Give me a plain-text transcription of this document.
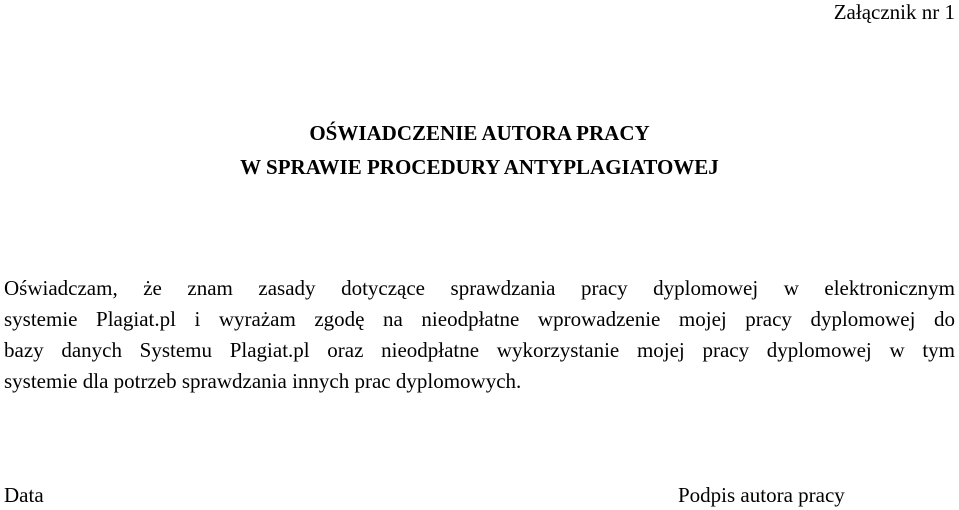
Załącznik nr 1
OŚWIADCZENIE AUTORA PRACY
W SPRAWIE PROCEDURY ANTYPLAGIATOWEJ
Oświadczam, że znam zasady dotyczące sprawdzania pracy dyplomowej w elektronicznym
systemie Plagiat.pl i wyrażam zgodę na nieodpłatne wprowadzenie mojej pracy dyplomowej do
bazy danych Systemu Plagiat.pl oraz nieodpłatne wykorzystanie mojej pracy dyplomowej w tym
systemie dla potrzeb sprawdzania innych prac dyplomowych.
Data	Podpis autora pracy
